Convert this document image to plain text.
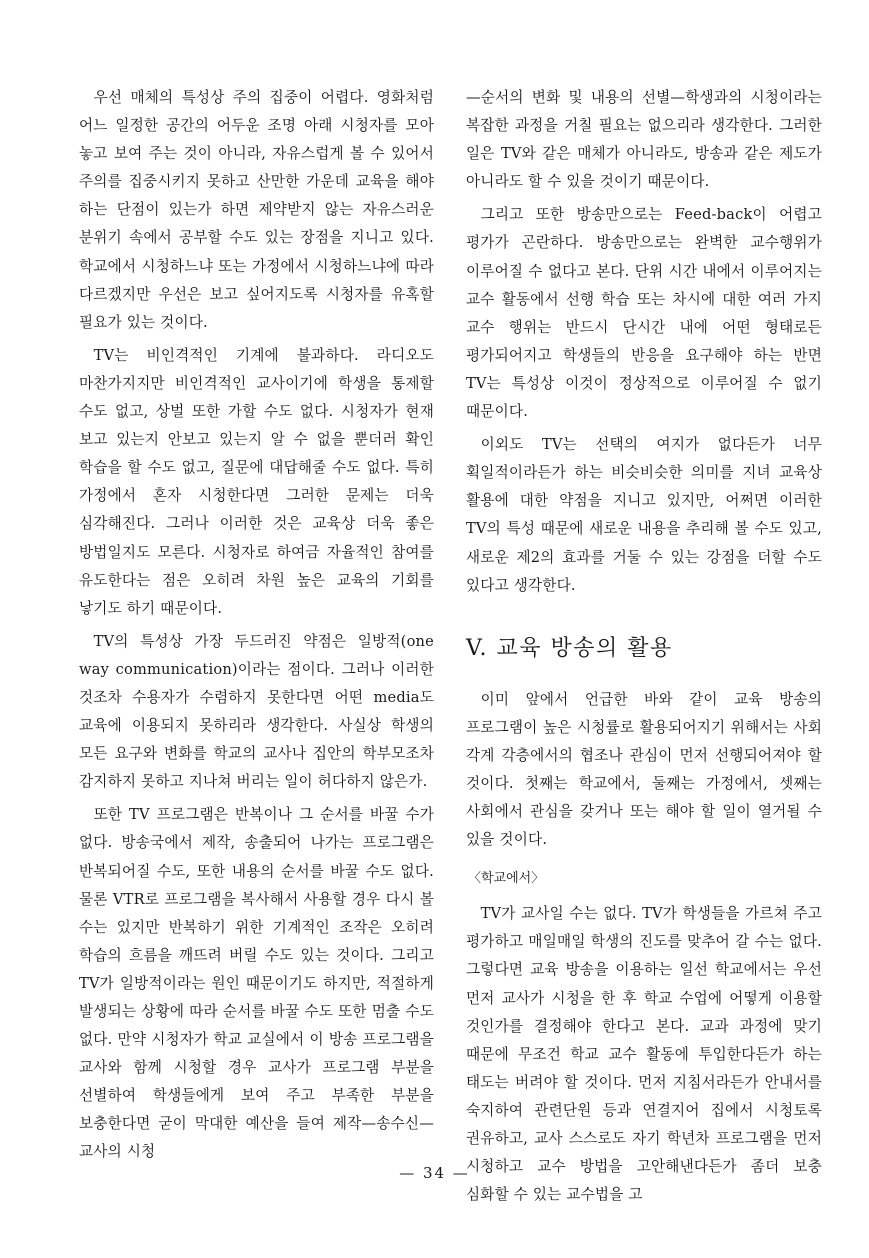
우선 매체의 특성상 주의 집중이 어렵다. 영화처럼 어느 일정한 공간의 어두운 조명 아래 시청자를 모아 놓고 보여 주는 것이 아니라, 자유스럽게 볼 수 있어서 주의를 집중시키지 못하고 산만한 가운데 교육을 해야 하는 단점이 있는가 하면 제약받지 않는 자유스러운 분위기 속에서 공부할 수도 있는 장점을 지니고 있다. 학교에서 시청하느냐 또는 가정에서 시청하느냐에 따라 다르겠지만 우선은 보고 싶어지도록 시청자를 유혹할 필요가 있는 것이다.

TV는 비인격적인 기계에 불과하다. 라디오도 마찬가지지만 비인격적인 교사이기에 학생을 통제할 수도 없고, 상벌 또한 가할 수도 없다. 시청자가 현재 보고 있는지 안보고 있는지 알 수 없을 뿐더러 확인 학습을 할 수도 없고, 질문에 대답해줄 수도 없다. 특히 가정에서 혼자 시청한다면 그러한 문제는 더욱 심각해진다. 그러나 이러한 것은 교육상 더욱 좋은 방법일지도 모른다. 시청자로 하여금 자율적인 참여를 유도한다는 점은 오히려 차원 높은 교육의 기회를 낳기도 하기 때문이다.

TV의 특성상 가장 두드러진 약점은 일방적(one way communication)이라는 점이다. 그러나 이러한 것조차 수용자가 수렴하지 못한다면 어떤 media도 교육에 이용되지 못하리라 생각한다. 사실상 학생의 모든 요구와 변화를 학교의 교사나 집안의 학부모조차 감지하지 못하고 지나쳐 버리는 일이 허다하지 않은가.

또한 TV 프로그램은 반복이나 그 순서를 바꿀 수가 없다. 방송국에서 제작, 송출되어 나가는 프로그램은 반복되어질 수도, 또한 내용의 순서를 바꿀 수도 없다. 물론 VTR로 프로그램을 복사해서 사용할 경우 다시 볼 수는 있지만 반복하기 위한 기계적인 조작은 오히려 학습의 흐름을 깨뜨려 버릴 수도 있는 것이다. 그리고 TV가 일방적이라는 원인 때문이기도 하지만, 적절하게 발생되는 상황에 따라 순서를 바꿀 수도 또한 멈출 수도 없다. 만약 시청자가 학교 교실에서 이 방송 프로그램을 교사와 함께 시청할 경우 교사가 프로그램 부분을 선별하여 학생들에게 보여 주고 부족한 부분을 보충한다면 굳이 막대한 예산을 들여 제작—송수신—교사의 시청

—순서의 변화 및 내용의 선별—학생과의 시청이라는 복잡한 과정을 거칠 필요는 없으리라 생각한다. 그러한 일은 TV와 같은 매체가 아니라도, 방송과 같은 제도가 아니라도 할 수 있을 것이기 때문이다.

그리고 또한 방송만으로는 Feed-back이 어렵고 평가가 곤란하다. 방송만으로는 완벽한 교수행위가 이루어질 수 없다고 본다. 단위 시간 내에서 이루어지는 교수 활동에서 선행 학습 또는 차시에 대한 여러 가지 교수 행위는 반드시 단시간 내에 어떤 형태로든 평가되어지고 학생들의 반응을 요구해야 하는 반면 TV는 특성상 이것이 정상적으로 이루어질 수 없기 때문이다.

이외도 TV는 선택의 여지가 없다든가 너무 획일적이라든가 하는 비슷비슷한 의미를 지녀 교육상 활용에 대한 약점을 지니고 있지만, 어쩌면 이러한 TV의 특성 때문에 새로운 내용을 추리해 볼 수도 있고, 새로운 제2의 효과를 거둘 수 있는 강점을 더할 수도 있다고 생각한다.

V. 교육 방송의 활용

이미 앞에서 언급한 바와 같이 교육 방송의 프로그램이 높은 시청률로 활용되어지기 위해서는 사회 각계 각층에서의 협조나 관심이 먼저 선행되어져야 할 것이다. 첫째는 학교에서, 둘째는 가정에서, 셋째는 사회에서 관심을 갖거나 또는 해야 할 일이 열거될 수 있을 것이다.

〈학교에서〉

TV가 교사일 수는 없다. TV가 학생들을 가르쳐 주고 평가하고 매일매일 학생의 진도를 맞추어 갈 수는 없다. 그렇다면 교육 방송을 이용하는 일선 학교에서는 우선 먼저 교사가 시청을 한 후 학교 수업에 어떻게 이용할 것인가를 결정해야 한다고 본다. 교과 과정에 맞기 때문에 무조건 학교 교수 활동에 투입한다든가 하는 태도는 버려야 할 것이다. 먼저 지침서라든가 안내서를 숙지하여 관련단원 등과 연결지어 집에서 시청토록 권유하고, 교사 스스로도 자기 학년차 프로그램을 먼저 시청하고 교수 방법을 고안해낸다든가 좀더 보충 심화할 수 있는 교수법을 고

— 34 —
